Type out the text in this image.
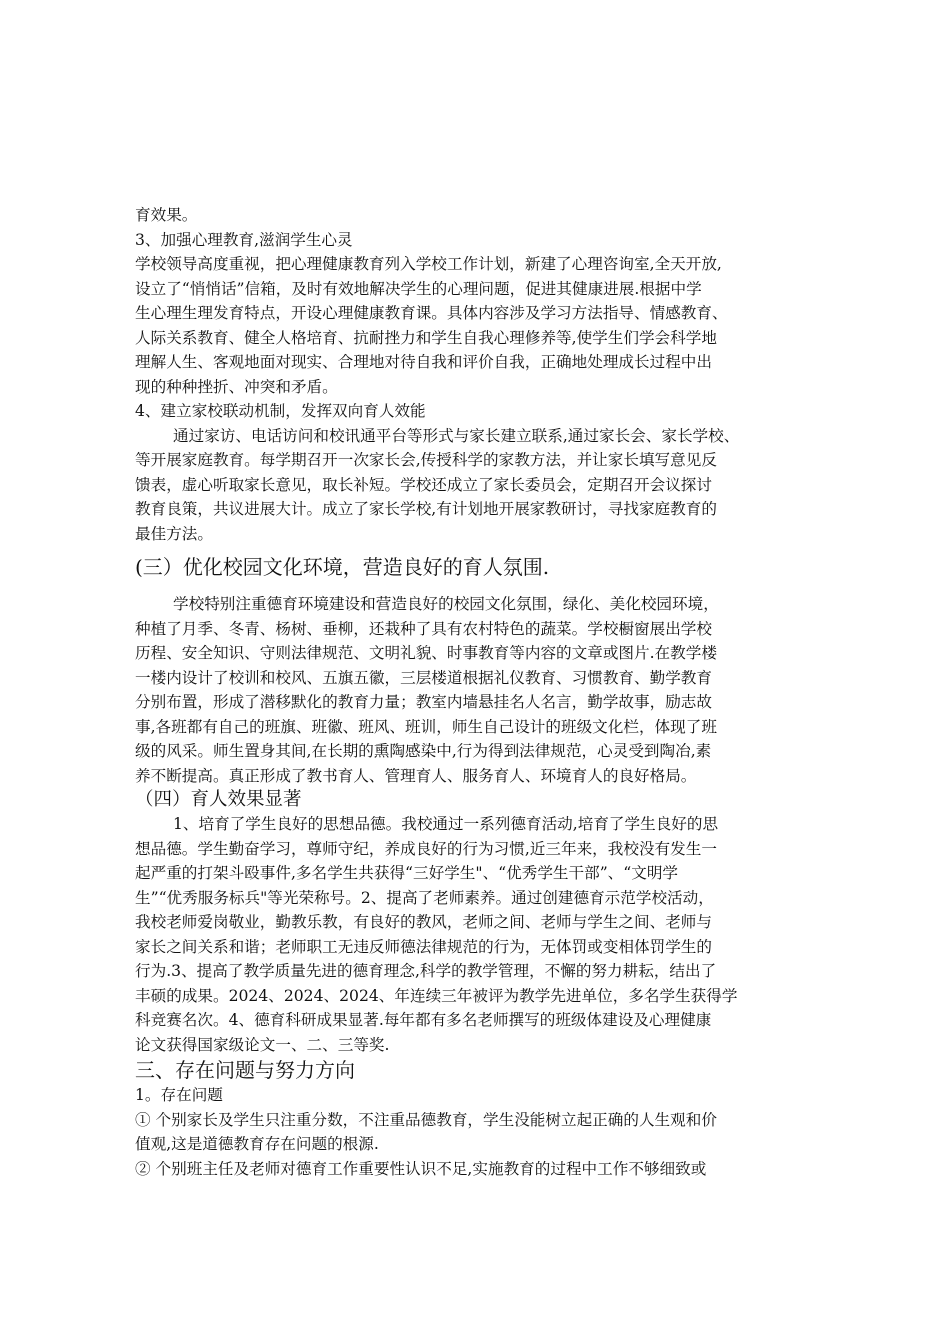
育效果。
3、加强心理教育,滋润学生心灵
学校领导高度重视，把心理健康教育列入学校工作计划，新建了心理咨询室,全天开放,
设立了“悄悄话”信箱，及时有效地解决学生的心理问题，促进其健康进展.根据中学
生心理生理发育特点，开设心理健康教育课。具体内容涉及学习方法指导、情感教育、
人际关系教育、健全人格培育、抗耐挫力和学生自我心理修养等,使学生们学会科学地
理解人生、客观地面对现实、合理地对待自我和评价自我，正确地处理成长过程中出
现的种种挫折、冲突和矛盾。
4、建立家校联动机制，发挥双向育人效能
通过家访、电话访问和校讯通平台等形式与家长建立联系,通过家长会、家长学校、
等开展家庭教育。每学期召开一次家长会,传授科学的家教方法，并让家长填写意见反
馈表，虚心听取家长意见，取长补短。学校还成立了家长委员会，定期召开会议探讨
教育良策，共议进展大计。成立了家长学校,有计划地开展家教研讨，寻找家庭教育的
最佳方法。
(三）优化校园文化环境，营造良好的育人氛围.
学校特别注重德育环境建设和营造良好的校园文化氛围，绿化、美化校园环境，
种植了月季、冬青、杨树、垂柳，还栽种了具有农村特色的蔬菜。学校橱窗展出学校
历程、安全知识、守则法律规范、文明礼貌、时事教育等内容的文章或图片.在教学楼
一楼内设计了校训和校风、五旗五徽，三层楼道根据礼仪教育、习惯教育、勤学教育
分别布置，形成了潜移默化的教育力量；教室内墙悬挂名人名言，勤学故事，励志故
事,各班都有自己的班旗、班徽、班风、班训，师生自己设计的班级文化栏，体现了班
级的风采。师生置身其间,在长期的熏陶感染中,行为得到法律规范，心灵受到陶冶,素
养不断提高。真正形成了教书育人、管理育人、服务育人、环境育人的良好格局。
（四）育人效果显著
1、培育了学生良好的思想品德。我校通过一系列德育活动,培育了学生良好的思
想品德。学生勤奋学习，尊师守纪，养成良好的行为习惯,近三年来，我校没有发生一
起严重的打架斗殴事件,多名学生共获得“三好学生"、“优秀学生干部”、“文明学
生”“优秀服务标兵"等光荣称号。2、提高了老师素养。通过创建德育示范学校活动，
我校老师爱岗敬业，勤教乐教，有良好的教风，老师之间、老师与学生之间、老师与
家长之间关系和谐；老师职工无违反师德法律规范的行为，无体罚或变相体罚学生的
行为.3、提高了教学质量先进的德育理念,科学的教学管理，不懈的努力耕耘，结出了
丰硕的成果。2024、2024、2024、年连续三年被评为教学先进单位，多名学生获得学
科竞赛名次。4、德育科研成果显著.每年都有多名老师撰写的班级体建设及心理健康
论文获得国家级论文一、二、三等奖.
三、存在问题与努力方向
1。存在问题
① 个别家长及学生只注重分数，不注重品德教育，学生没能树立起正确的人生观和价
值观,这是道德教育存在问题的根源.
② 个别班主任及老师对德育工作重要性认识不足,实施教育的过程中工作不够细致或
